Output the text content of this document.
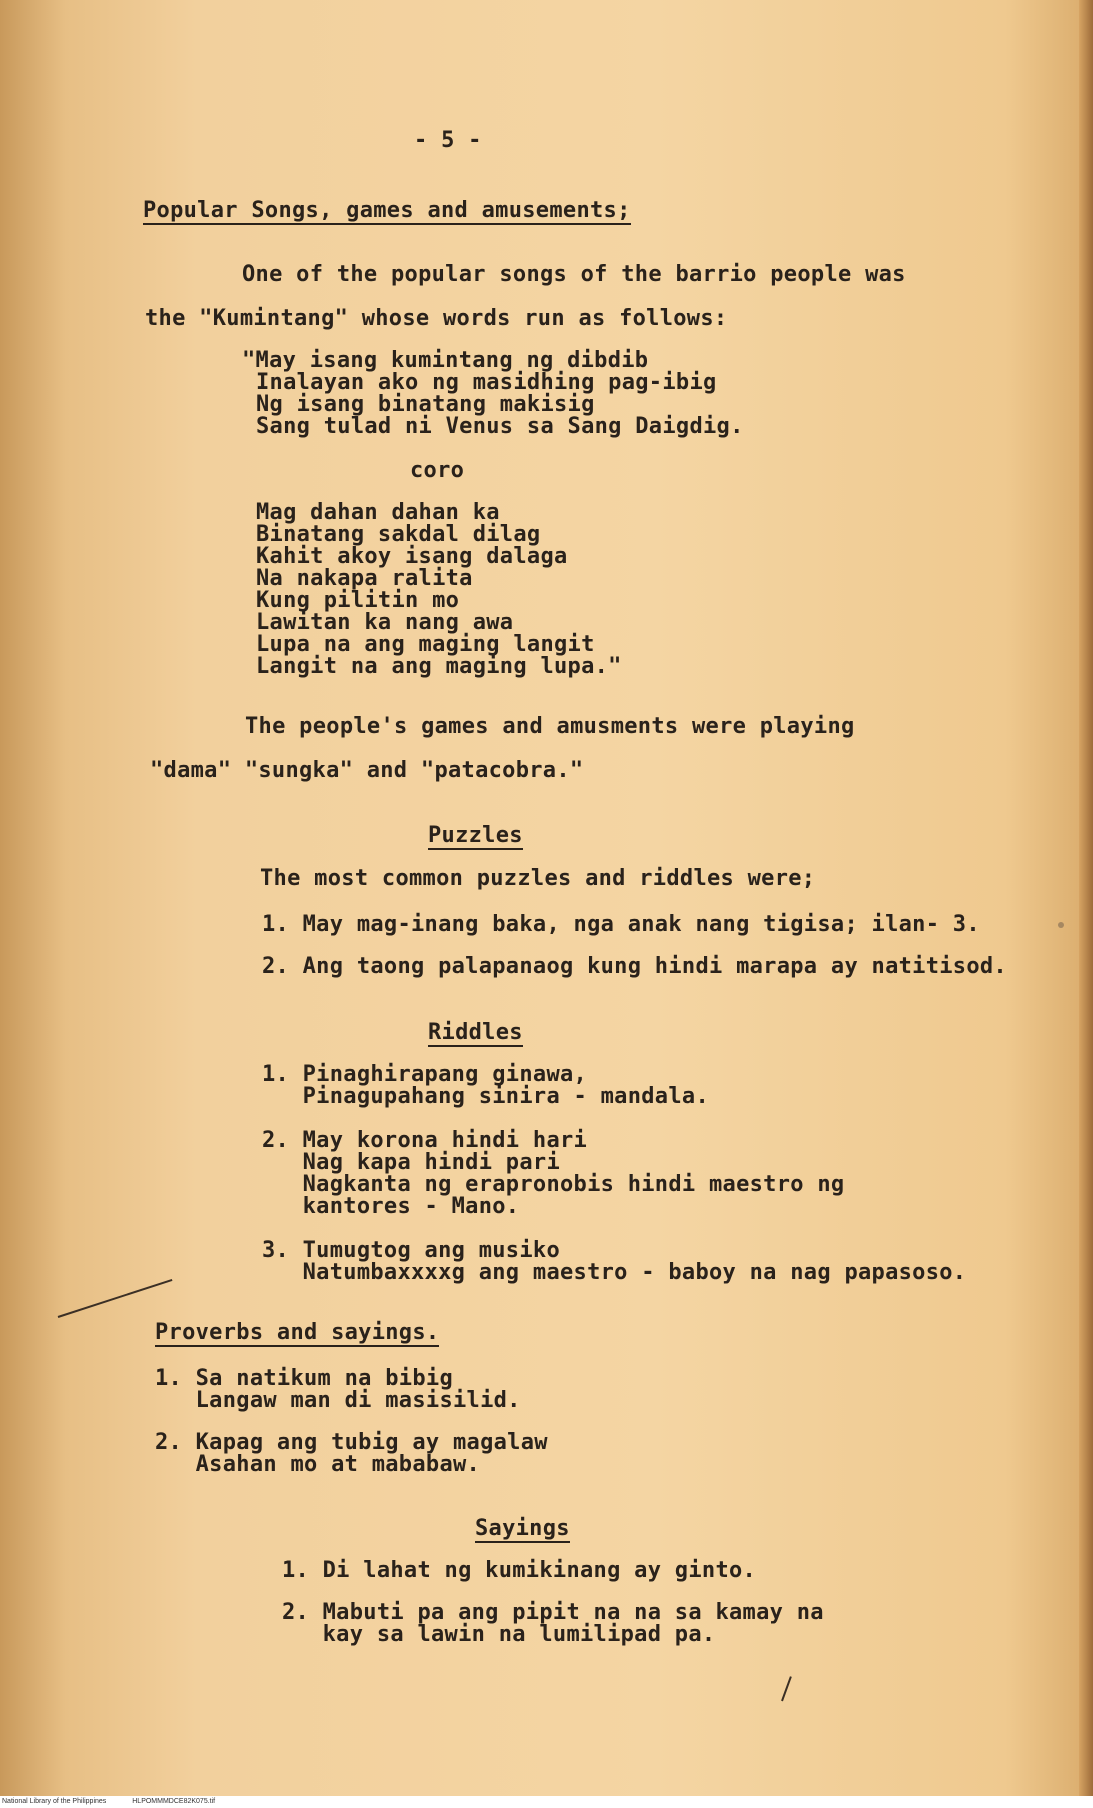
- 5 -
Popular Songs, games and amusements;
One of the popular songs of the barrio people was
the "Kumintang" whose words run as follows:
"May isang kumintang ng dibdib
Inalayan ako ng masidhing pag-ibig
Ng isang binatang makisig
Sang tulad ni Venus sa Sang Daigdig.
coro
Mag dahan dahan ka
Binatang sakdal dilag
Kahit akoy isang dalaga
Na nakapa ralita
Kung pilitin mo
Lawitan ka nang awa
Lupa na ang maging langit
Langit na ang maging lupa."
The people's games and amusments were playing
"dama" "sungka" and "patacobra."
Puzzles
The most common puzzles and riddles were;
1. May mag-inang baka, nga anak nang tigisa; ilan- 3.
2. Ang taong palapanaog kung hindi marapa ay natitisod.
Riddles
1. Pinaghirapang ginawa,
Pinagupahang sinira - mandala.
2. May korona hindi hari
Nag kapa hindi pari
Nagkanta ng erapronobis hindi maestro ng
kantores - Mano.
3. Tumugtog ang musiko
Natumbaxxxxg ang maestro - baboy na nag papasoso.
Proverbs and sayings.
1. Sa natikum na bibig
Langaw man di masisilid.
2. Kapag ang tubig ay magalaw
Asahan mo at mababaw.
Sayings
1. Di lahat ng kumikinang ay ginto.
2. Mabuti pa ang pipit na na sa kamay na
kay sa lawin na lumilipad pa.
National Library of the Philippines	HLPOMMMDCE82K075.tif
